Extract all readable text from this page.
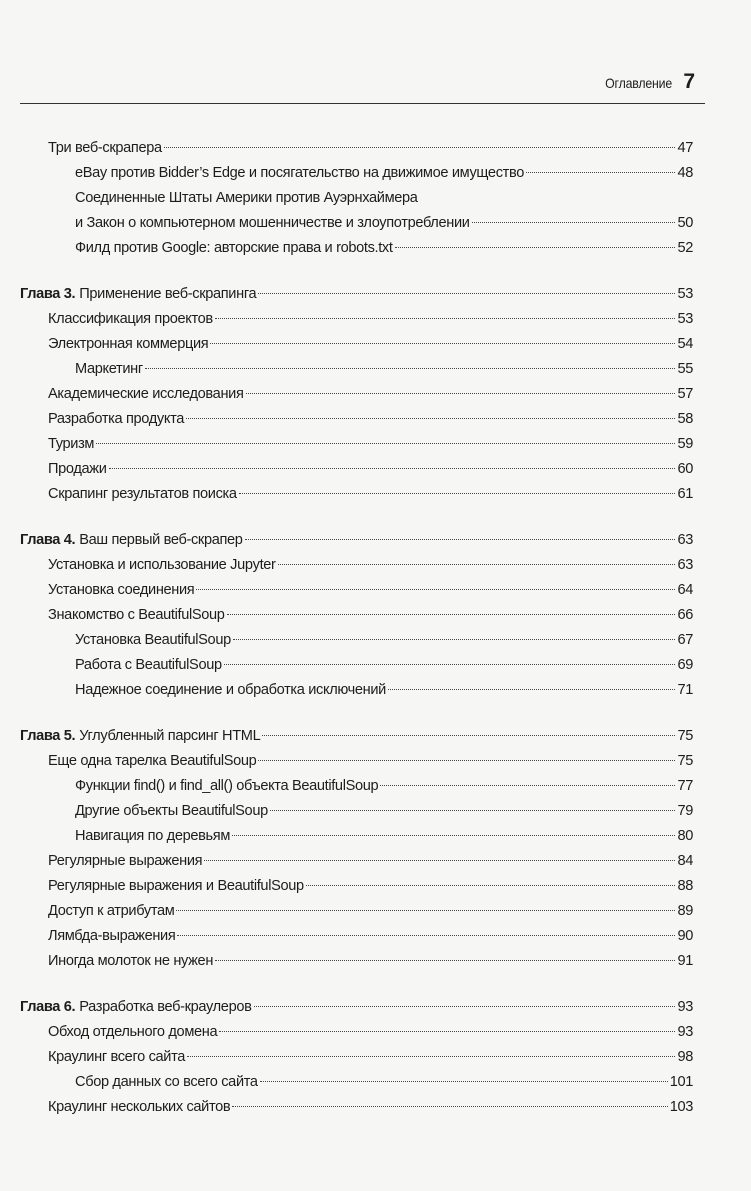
Оглавление 7
Три веб-скрапера	47
eBay против Bidder’s Edge и посягательство на движимое имущество	48
Соединенные Штаты Америки против Ауэрнхаймера
и Закон о компьютерном мошенничестве и злоупотреблении	50
Филд против Google: авторские права и robots.txt	52
Глава 3. Применение веб-скрапинга	53
Классификация проектов	53
Электронная коммерция	54
Маркетинг	55
Академические исследования	57
Разработка продукта	58
Туризм	59
Продажи	60
Скрапинг результатов поиска	61
Глава 4. Ваш первый веб-скрапер	63
Установка и использование Jupyter	63
Установка соединения	64
Знакомство с BeautifulSoup	66
Установка BeautifulSoup	67
Работа с BeautifulSoup	69
Надежное соединение и обработка исключений	71
Глава 5. Углубленный парсинг HTML	75
Еще одна тарелка BeautifulSoup	75
Функции find() и find_all() объекта BeautifulSoup	77
Другие объекты BeautifulSoup	79
Навигация по деревьям	80
Регулярные выражения	84
Регулярные выражения и BeautifulSoup	88
Доступ к атрибутам	89
Лямбда-выражения	90
Иногда молоток не нужен	91
Глава 6. Разработка веб-краулеров	93
Обход отдельного домена	93
Краулинг всего сайта	98
Сбор данных со всего сайта	101
Краулинг нескольких сайтов	103
